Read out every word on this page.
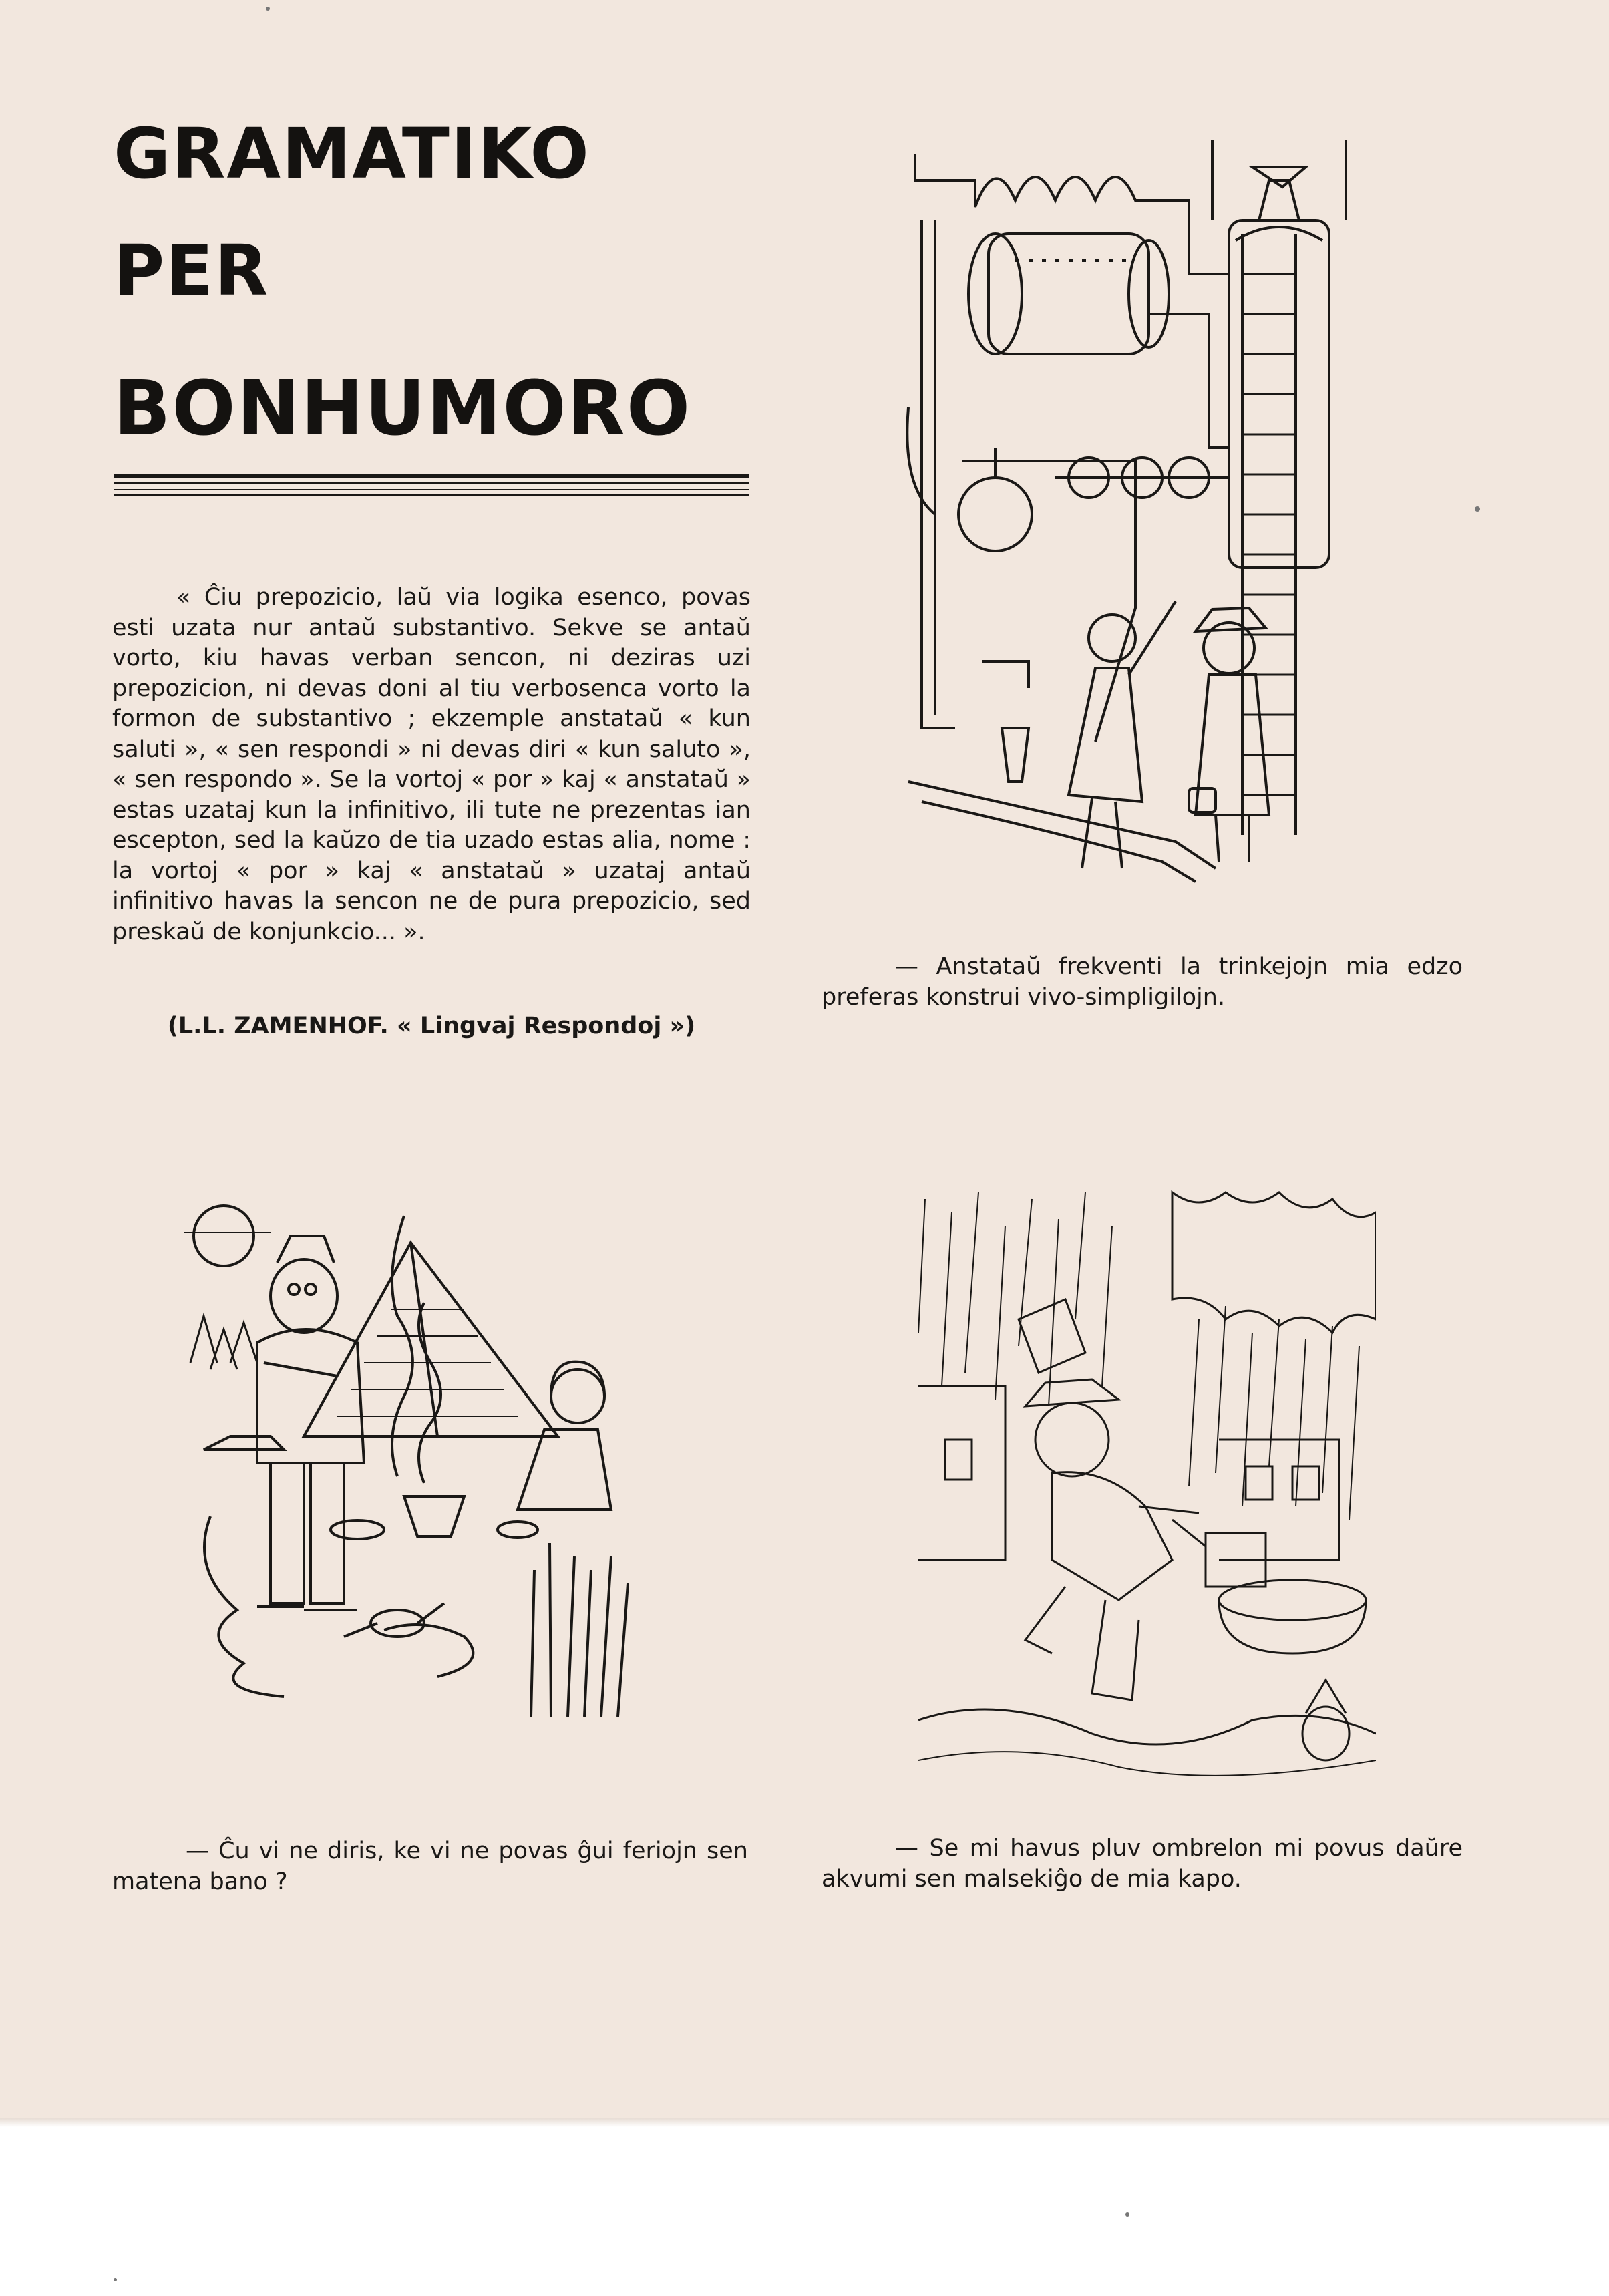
GRAMATIKO
PER
BONHUMORO

« Ĉiu prepozicio, laŭ via logika esenco, povas esti uzata nur antaŭ substantivo. Sekve se antaŭ vorto, kiu havas verban sencon, ni deziras uzi prepozicion, ni devas doni al tiu verbosenca vorto la formon de substantivo ; ekzemple anstataŭ « kun saluti », « sen respondi » ni devas diri « kun saluto », « sen respondo ». Se la vortoj « por » kaj « anstataŭ » estas uzataj kun la infinitivo, ili tute ne prezentas ian escepton, sed la kaŭzo de tia uzado estas alia, nome : la vortoj « por » kaj « anstataŭ » uzataj antaŭ infinitivo havas la sencon ne de pura prepozicio, sed preskaŭ de konjunkcio... ».

(L.L. ZAMENHOF. « Lingvaj Respondoj »)

— Anstataŭ frekventi la trinkejojn mia edzo preferas konstrui vivo-simpligilojn.

— Ĉu vi ne diris, ke vi ne povas ĝui feriojn sen matena bano ?

— Se mi havus pluv ombrelon mi povus daŭre akvumi sen malsekiĝo de mia kapo.
